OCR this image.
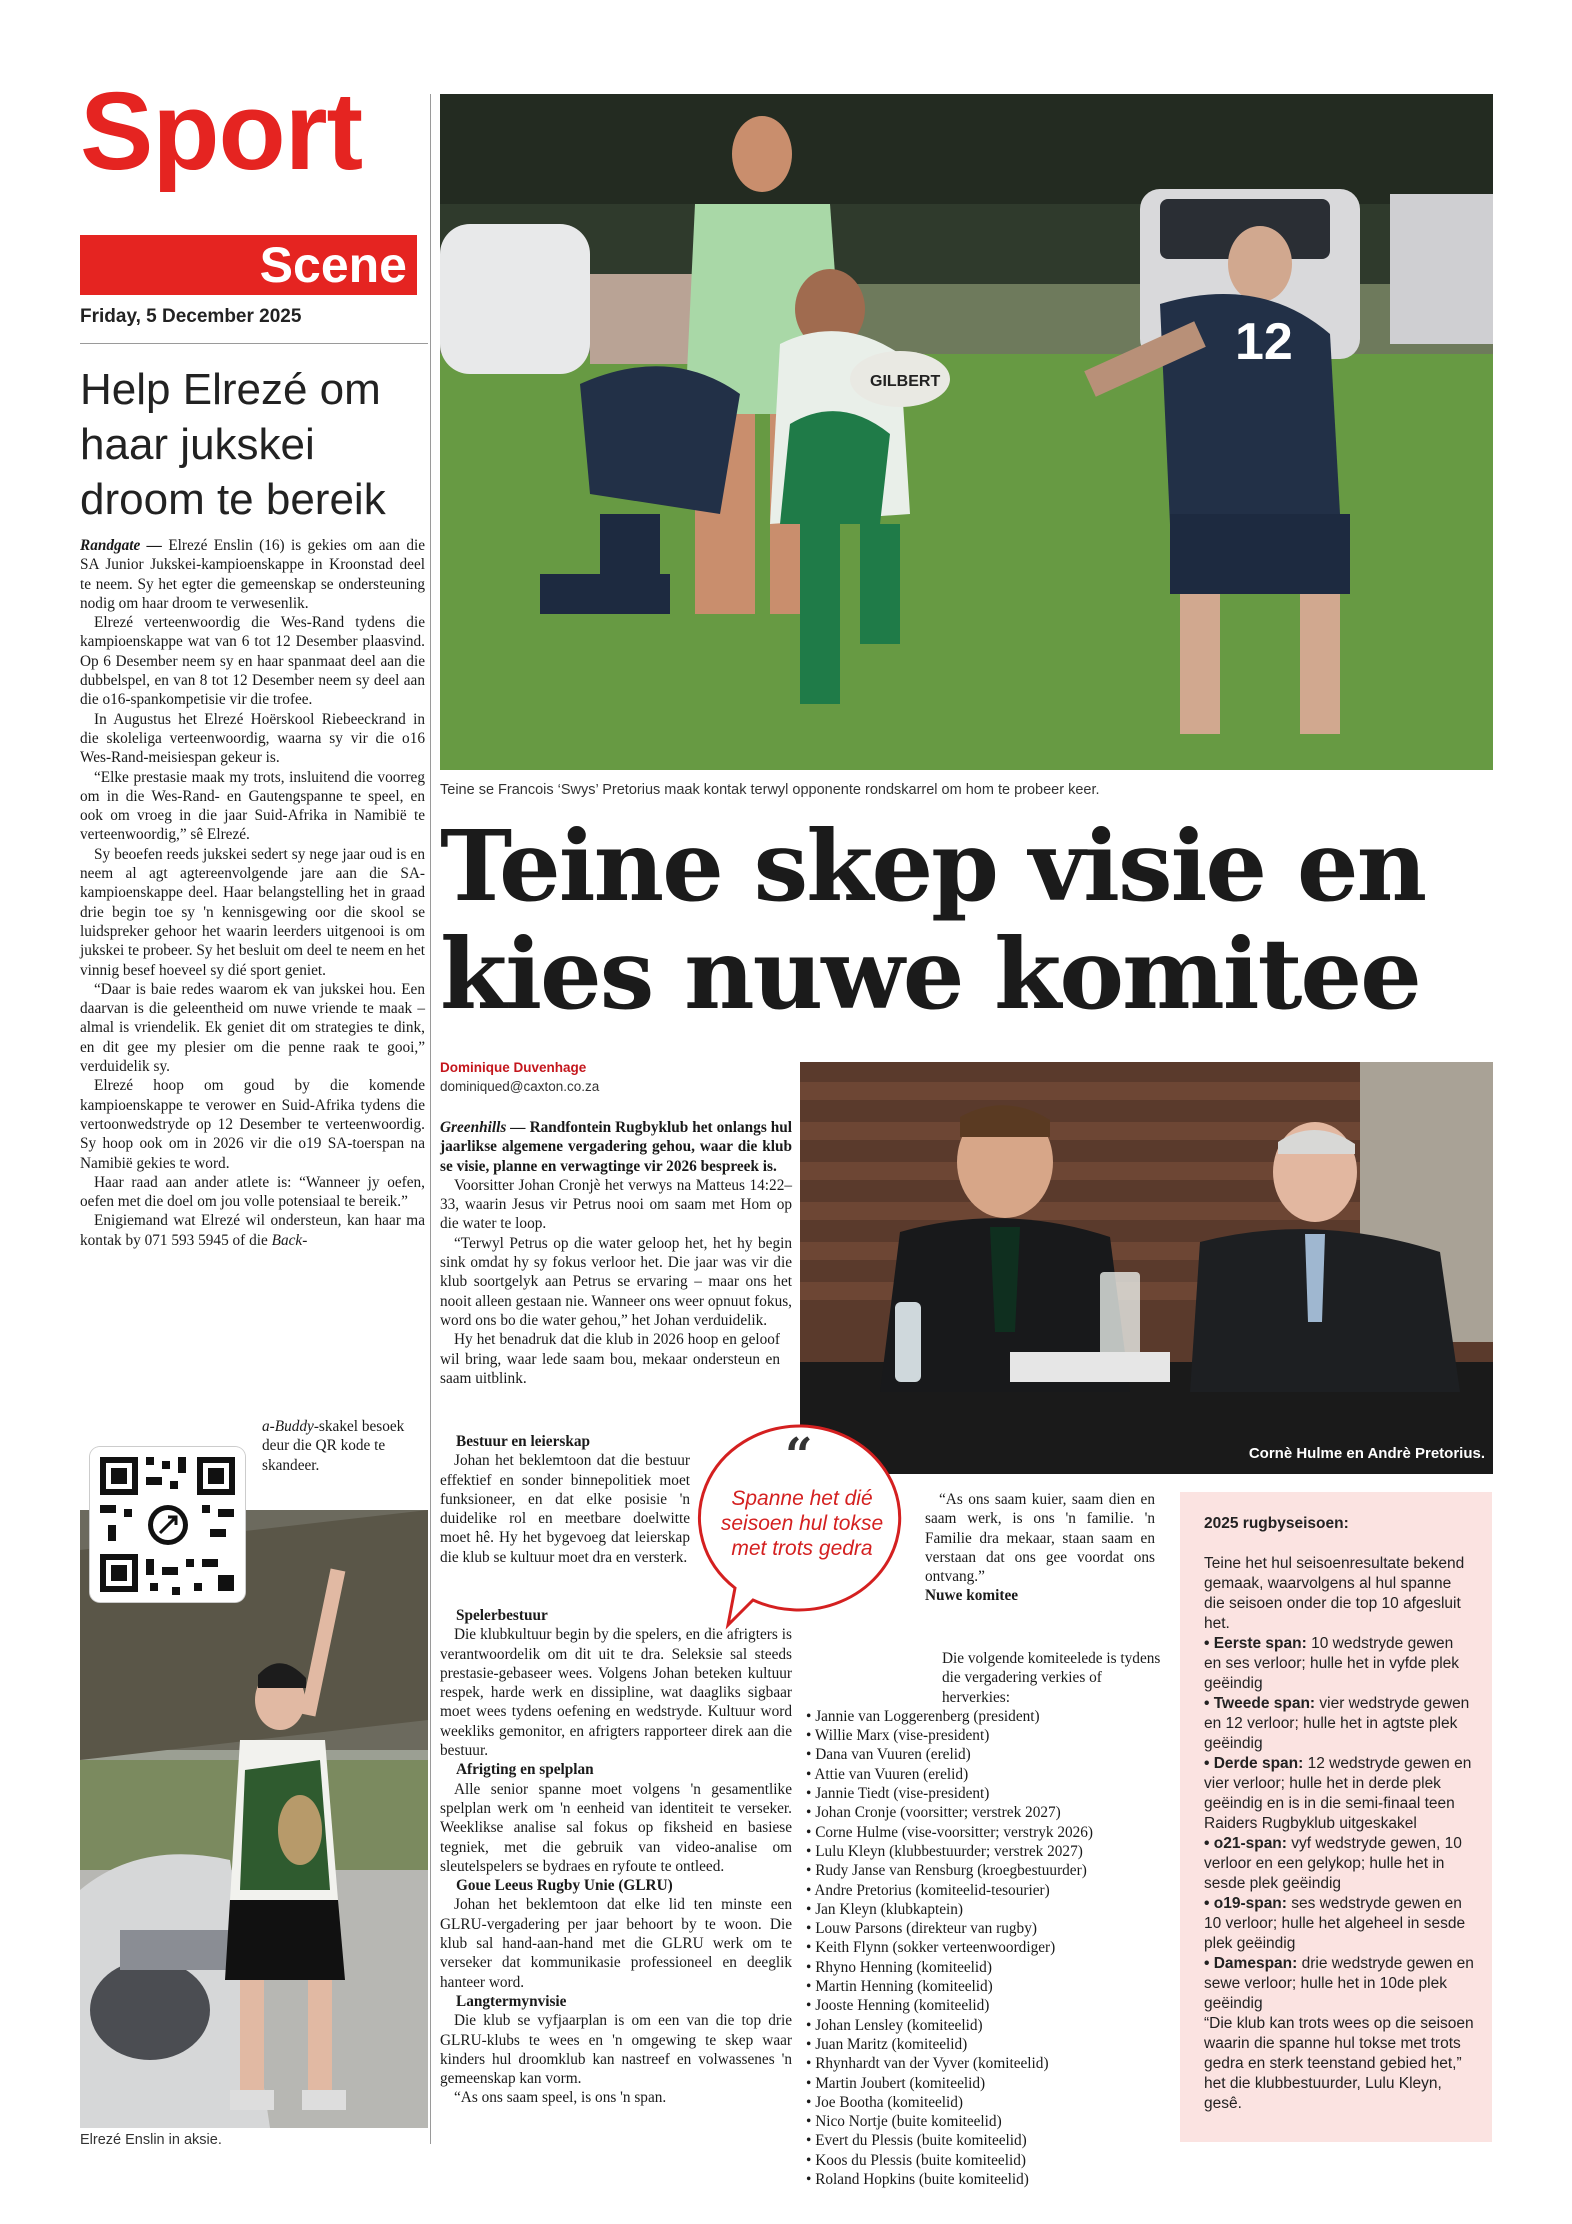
Sport
Scene
Friday, 5 December 2025
Help Elrezé om haar jukskei droom te bereik

Randgate — Elrezé Enslin (16) is gekies om aan die SA Junior Jukskei-kampioenskappe in Kroonstad deel te neem. Sy het egter die gemeenskap se ondersteuning nodig om haar droom te verwesenlik.

Elrezé verteenwoordig die Wes-Rand tydens die kampioenskappe wat van 6 tot 12 Desember plaasvind. Op 6 Desember neem sy en haar spanmaat deel aan die dubbelspel, en van 8 tot 12 Desember neem sy deel aan die o16-spankompetisie vir die trofee.

In Augustus het Elrezé Hoërskool Riebeeckrand in die skoleliga verteenwoordig, waarna sy vir die o16 Wes-Rand-meisiespan gekeur is.

“Elke prestasie maak my trots, insluitend die voorreg om in die Wes-Rand- en Gautengspanne te speel, en ook om vroeg in die jaar Suid-Afrika in Namibië te verteenwoordig,” sê Elrezé.

Sy beoefen reeds jukskei sedert sy nege jaar oud is en neem al agt agtereenvolgende jare aan die SA-kampioenskappe deel. Haar belangstelling het in graad drie begin toe sy 'n kennisgewing oor die skool se luidspreker gehoor het waarin leerders uitgenooi is om jukskei te probeer. Sy het besluit om deel te neem en het vinnig besef hoeveel sy dié sport geniet.

“Daar is baie redes waarom ek van jukskei hou. Een daarvan is die geleentheid om nuwe vriende te maak – almal is vriendelik. Ek geniet dit om strategies te dink, en dit gee my plesier om die penne raak te gooi,” verduidelik sy.

Elrezé hoop om goud by die komende kampioenskappe te verower en Suid-Afrika tydens die vertoonwedstryde op 12 Desember te verteenwoordig. Sy hoop ook om in 2026 vir die o19 SA-toerspan na Namibië gekies te word.

Haar raad aan ander atlete is: “Wanneer jy oefen, oefen met die doel om jou volle potensiaal te bereik.”

Enigiemand wat Elrezé wil ondersteun, kan haar ma kontak by 071 593 5945 of die Back-

a-Buddy-skakel besoek deur die QR kode te skandeer.
Elrezé Enslin in aksie.
GILBERT
12
Teine se Francois ‘Swys’ Pretorius maak kontak terwyl opponente rondskarrel om hom te probeer keer.
Teine skep visie en
kies nuwe komitee
Dominique Duvenhage
dominiqued@caxton.co.za

Greenhills — Randfontein Rugbyklub het onlangs hul jaarlikse algemene vergadering gehou, waar die klub se visie, planne en verwagtinge vir 2026 bespreek is.

Voorsitter Johan Cronjè het verwys na Matteus 14:22–33, waarin Jesus vir Petrus nooi om saam met Hom op die water te loop.

“Terwyl Petrus op die water geloop het, het hy begin sink omdat hy sy fokus verloor het. Die jaar was vir die klub soortgelyk aan Petrus se ervaring – maar ons het nooit alleen gestaan nie. Wanneer ons weer opnuut fokus, word ons bo die water gehou,” het Johan verduidelik.

Hy het benadruk dat die klub in 2026 hoop en geloof wil bring, waar lede saam bou, mekaar ondersteun en saam uitblink.

Bestuur en leierskap

Johan het beklemtoon dat die bestuur effektief en sonder binnepolitiek moet funksioneer, en dat elke posisie 'n duidelike rol en meetbare doelwitte moet hê. Hy het bygevoeg dat leierskap die klub se kultuur moet dra en versterk.

Spelerbestuur

Die klubkultuur begin by die spelers, en die afrigters is verantwoordelik om dit uit te dra. Seleksie sal steeds prestasie-gebaseer wees. Volgens Johan beteken kultuur respek, harde werk en dissipline, wat daagliks sigbaar moet wees tydens oefening en wedstryde. Kultuur word weekliks gemonitor, en afrigters rapporteer direk aan die bestuur.

Afrigting en spelplan

Alle senior spanne moet volgens 'n gesamentlike spelplan werk om 'n eenheid van identiteit te verseker. Weeklikse analise sal fokus op fiksheid en basiese tegniek, met die gebruik van video-analise om sleutelspelers se bydraes en ryfoute te ontleed.

Goue Leeus Rugby Unie (GLRU)

Johan het beklemtoon dat elke lid ten minste een GLRU-vergadering per jaar behoort by te woon. Die klub sal hand-aan-hand met die GLRU werk om te verseker dat kommunikasie professioneel en deeglik hanteer word.

Langtermynvisie

Die klub se vyfjaarplan is om een van die top drie GLRU-klubs te wees en 'n omgewing te skep waar kinders hul droomklub kan nastreef en volwassenes 'n gemeenskap kan vorm.

“As ons saam speel, is ons 'n span.

Cornè Hulme en Andrè Pretorius.
“
Spanne het dié seisoen hul tokse met trots gedra

“As ons saam kuier, saam dien en saam werk, is ons 'n familie. 'n Familie dra mekaar, staan saam en verstaan dat ons gee voordat ons ontvang.”

Nuwe komitee

Die volgende komiteelede is tydens die vergadering verkies of herverkies:

• Jannie van Loggerenberg (president)
• Willie Marx (vise-president)
• Dana van Vuuren (erelid)
• Attie van Vuuren (erelid)
• Jannie Tiedt (vise-president)
• Johan Cronje (voorsitter; verstrek 2027)
• Corne Hulme (vise-voorsitter; verstryk 2026)
• Lulu Kleyn (klubbestuurder; verstrek 2027)
• Rudy Janse van Rensburg (kroegbestuurder)
• Andre Pretorius (komiteelid-tesourier)
• Jan Kleyn (klubkaptein)
• Louw Parsons (direkteur van rugby)
• Keith Flynn (sokker verteenwoordiger)
• Rhyno Henning (komiteelid)
• Martin Henning (komiteelid)
• Jooste Henning (komiteelid)
• Johan Lensley (komiteelid)
• Juan Maritz (komiteelid)
• Rhynhardt van der Vyver (komiteelid)
• Martin Joubert (komiteelid)
• Joe Bootha (komiteelid)
• Nico Nortje (buite komiteelid)
• Evert du Plessis (buite komiteelid)
• Koos du Plessis (buite komiteelid)
• Roland Hopkins (buite komiteelid)

2025 rugbyseisoen:

Teine het hul seisoenresultate bekend gemaak, waarvolgens al hul spanne die seisoen onder die top 10 afgesluit het.

• Eerste span: 10 wedstryde gewen en ses verloor; hulle het in vyfde plek geëindig

• Tweede span: vier wedstryde gewen en 12 verloor; hulle het in agtste plek geëindig

• Derde span: 12 wedstryde gewen en vier verloor; hulle het in derde plek geëindig en is in die semi-finaal teen Raiders Rugbyklub uitgeskakel

• o21-span: vyf wedstryde gewen, 10 verloor en een gelykop; hulle het in sesde plek geëindig

• o19-span: ses wedstryde gewen en 10 verloor; hulle het algeheel in sesde plek geëindig

• Damespan: drie wedstryde gewen en sewe verloor; hulle het in 10de plek geëindig

“Die klub kan trots wees op die seisoen waarin die spanne hul tokse met trots gedra en sterk teenstand gebied het,” het die klubbestuurder, Lulu Kleyn, gesê.
